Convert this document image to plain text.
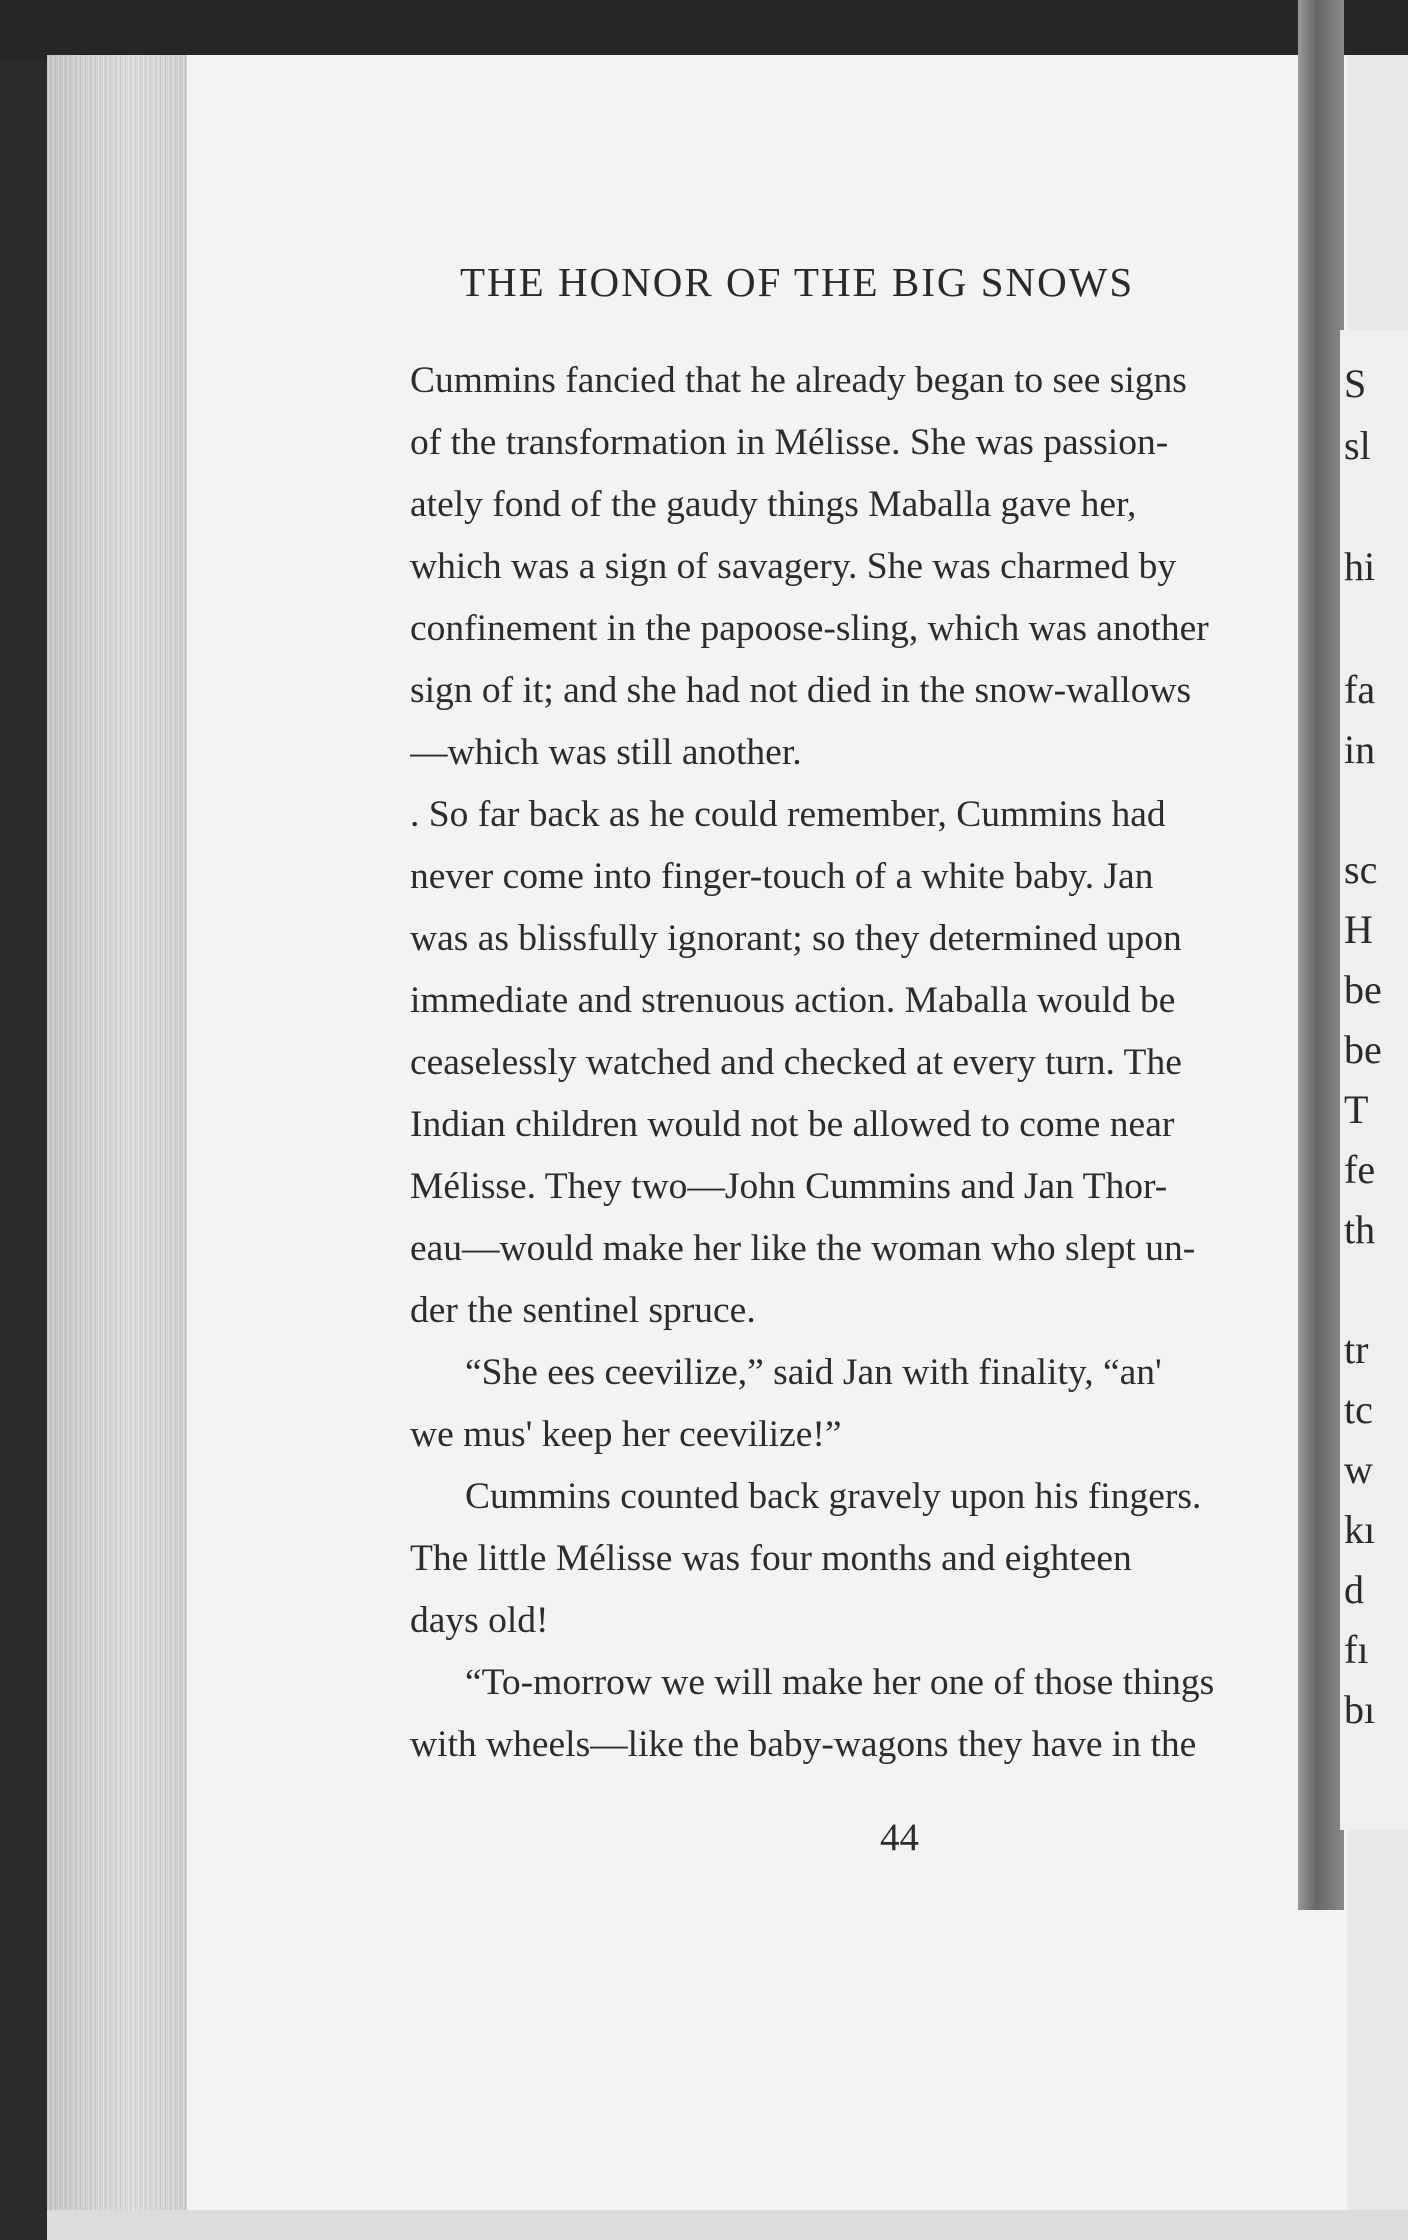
S
sl
hi
fa
in
sc
H
be
be
T
fe
th
tr
tc
w
kı
d
fı
bı
THE HONOR OF THE BIG SNOWS
Cummins fancied that he already began to see signs
of the transformation in Mélisse. She was passion-
ately fond of the gaudy things Maballa gave her,
which was a sign of savagery. She was charmed by
confinement in the papoose-sling, which was another
sign of it; and she had not died in the snow-wallows
—which was still another.
. So far back as he could remember, Cummins had
never come into finger-touch of a white baby. Jan
was as blissfully ignorant; so they determined upon
immediate and strenuous action. Maballa would be
ceaselessly watched and checked at every turn. The
Indian children would not be allowed to come near
Mélisse. They two—John Cummins and Jan Thor-
eau—would make her like the woman who slept un-
der the sentinel spruce.
“She ees ceevilize,” said Jan with finality, “an'
we mus' keep her ceevilize!”
Cummins counted back gravely upon his fingers.
The little Mélisse was four months and eighteen
days old!
“To-morrow we will make her one of those things
with wheels—like the baby-wagons they have in the
44
